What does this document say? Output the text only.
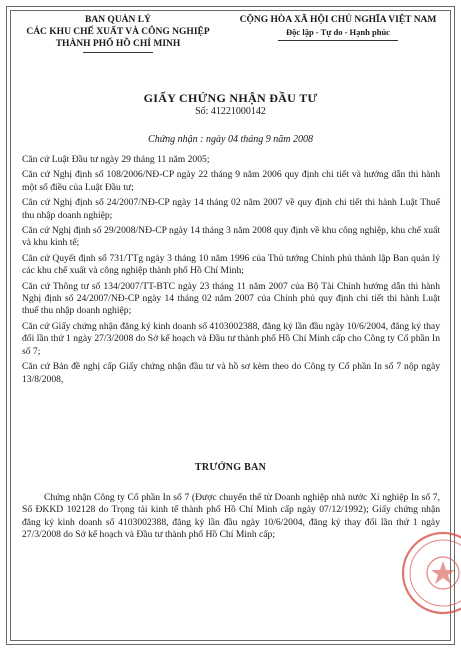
BAN QUẢN LÝ
CÁC KHU CHẾ XUẤT VÀ CÔNG NGHIỆP
THÀNH PHỐ HỒ CHÍ MINH
CỘNG HÒA XÃ HỘI CHỦ NGHĨA VIỆT NAM
Độc lập - Tự do - Hạnh phúc
GIẤY CHỨNG NHẬN ĐẦU TƯ
Số: 41221000142
Chứng nhận : ngày 04 tháng 9 năm 2008

Căn cứ Luật Đầu tư ngày 29 tháng 11 năm 2005;

Căn cứ Nghị định số 108/2006/NĐ-CP ngày 22 tháng 9 năm 2006 quy định chi tiết và hướng dẫn thi hành một số điều của Luật Đầu tư;

Căn cứ Nghị định số 24/2007/NĐ-CP ngày 14 tháng 02 năm 2007 về quy định chi tiết thi hành Luật Thuế thu nhập doanh nghiệp;

Căn cứ Nghị định số 29/2008/NĐ-CP ngày 14 tháng 3 năm 2008 quy định về khu công nghiệp, khu chế xuất và khu kinh tế;

Căn cứ Quyết định số 731/TTg ngày 3 tháng 10 năm 1996 của Thủ tướng Chính phủ thành lập Ban quản lý các khu chế xuất và công nghiệp thành phố Hồ Chí Minh;

Căn cứ Thông tư số 134/2007/TT-BTC ngày 23 tháng 11 năm 2007 của Bộ Tài Chính hướng dẫn thi hành Nghị định số 24/2007/NĐ-CP ngày 14 tháng 02 năm 2007 của Chính phủ quy định chi tiết thi hành Luật thuế thu nhập doanh nghiệp;

Căn cứ Giấy chứng nhận đăng ký kinh doanh số 4103002388, đăng ký lần đầu ngày 10/6/2004, đăng ký thay đổi lần thứ 1 ngày 27/3/2008 do Sở kế hoạch và Đầu tư thành phố Hồ Chí Minh cấp cho Công ty Cổ phần In số 7;

Căn cứ Bản đề nghị cấp Giấy chứng nhận đầu tư và hồ sơ kèm theo do Công ty Cổ phần In số 7 nộp ngày 13/8/2008,

TRƯỞNG BAN

Chứng nhận Công ty Cổ phần In số 7 (Được chuyển thể từ Doanh nghiệp nhà nước Xí nghiệp In số 7, Số ĐKKD 102128 do Trọng tài kinh tế thành phố Hồ Chí Minh cấp ngày 07/12/1992); Giấy chứng nhận đăng ký kinh doanh số 4103002388, đăng ký lần đầu ngày 10/6/2004, đăng ký thay đổi lần thứ 1 ngày 27/3/2008 do Sở kế hoạch và Đầu tư thành phố Hồ Chí Minh cấp;
